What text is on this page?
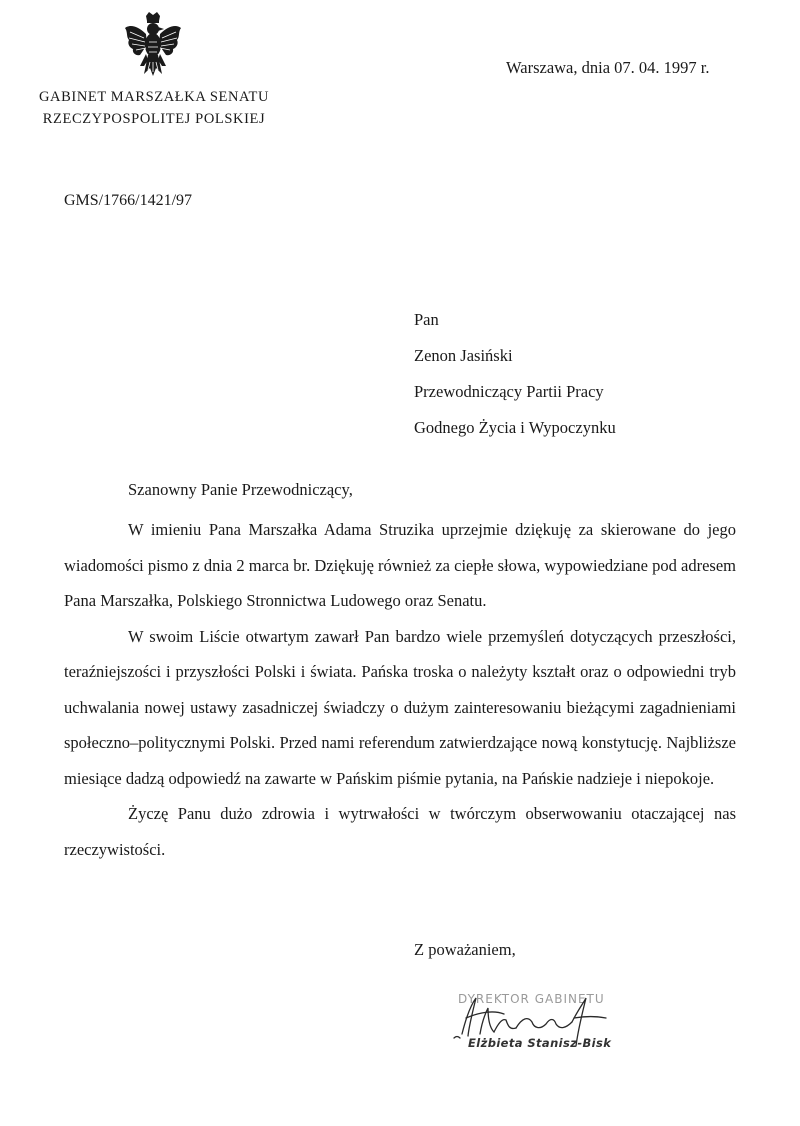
GABINET MARSZAŁKA SENATU
RZECZYPOSPOLITEJ POLSKIEJ
Warszawa, dnia 07. 04. 1997 r.
GMS/1766/1421/97
Pan
Zenon Jasiński
Przewodniczący Partii Pracy
Godnego Życia i Wypoczynku
Szanowny Panie Przewodniczący,

W imieniu Pana Marszałka Adama Struzika uprzejmie dziękuję za skierowane do jego wiadomości pismo z dnia 2 marca br. Dziękuję również za ciepłe słowa, wypowiedziane pod adresem Pana Marszałka, Polskiego Stronnictwa Ludowego oraz Senatu.

W swoim Liście otwartym zawarł Pan bardzo wiele przemyśleń dotyczących przeszłości, teraźniejszości i przyszłości Polski i świata. Pańska troska o należyty kształt oraz o odpowiedni tryb uchwalania nowej ustawy zasadniczej świadczy o dużym zainteresowaniu bieżącymi zagadnieniami społeczno–politycznymi Polski. Przed nami referendum zatwierdzające nową konstytucję. Najbliższe miesiące dadzą odpowiedź na zawarte w Pańskim piśmie pytania, na Pańskie nadzieje i niepokoje.

Życzę Panu dużo zdrowia i wytrwałości w twórczym obserwowaniu otaczającej nas rzeczywistości.

Z poważaniem,
DYREKTOR GABINETU
Elżbieta Stanisz-Bisk
